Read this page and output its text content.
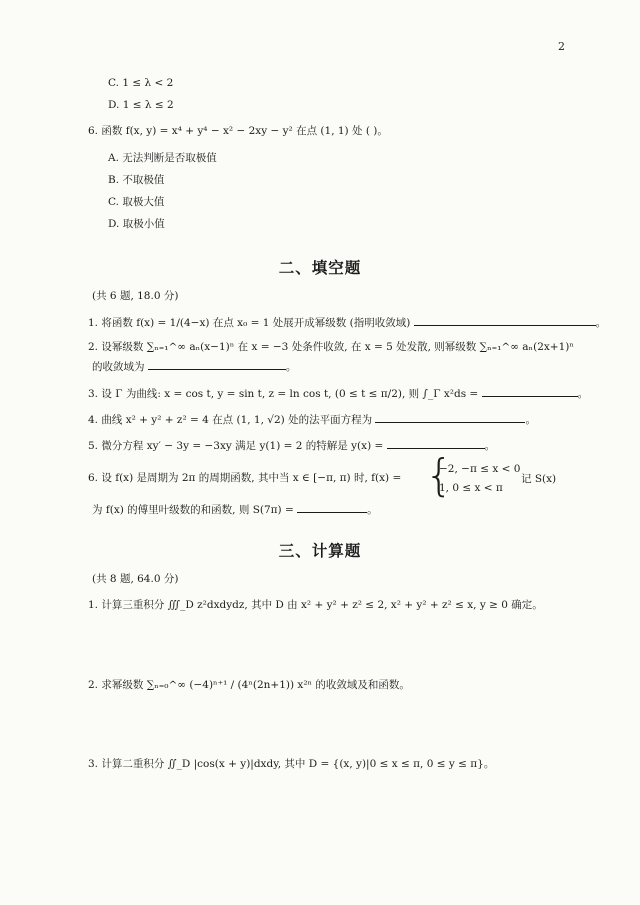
2
C. 1 ≤ λ < 2
D. 1 ≤ λ ≤ 2
6. 函数 f(x, y) = x⁴ + y⁴ − x² − 2xy − y² 在点 (1, 1) 处 ( )。
A. 无法判断是否取极值
B. 不取极值
C. 取极大值
D. 取极小值
二、填空题
(共 6 题, 18.0 分)
1. 将函数 f(x) = 1/(4−x) 在点 x₀ = 1 处展开成幂级数 (指明收敛域)	。
2. 设幂级数 ∑ₙ₌₁^∞ aₙ(x−1)ⁿ 在 x = −3 处条件收敛, 在 x = 5 处发散, 则幂级数 ∑ₙ₌₁^∞ aₙ(2x+1)ⁿ
的收敛域为	。
3. 设 Γ 为曲线: x = cos t, y = sin t, z = ln cos t, (0 ≤ t ≤ π/2), 则 ∫_Γ x²ds =	。
4. 曲线 x² + y² + z² = 4 在点 (1, 1, √2) 处的法平面方程为	。
5. 微分方程 xy′ − 3y = −3xy 满足 y(1) = 2 的特解是 y(x) =	。
6. 设 f(x) 是周期为 2π 的周期函数, 其中当 x ∈ [−π, π) 时, f(x) = {
−2, −π ≤ x < 0
1, 0 ≤ x < π
记 S(x)
为 f(x) 的傅里叶级数的和函数, 则 S(7π) =	。
三、计算题
(共 8 题, 64.0 分)
1. 计算三重积分 ∭_D z²dxdydz, 其中 D 由 x² + y² + z² ≤ 2, x² + y² + z² ≤ x, y ≥ 0 确定。
2. 求幂级数 ∑ₙ₌₀^∞ (−4)ⁿ⁺¹ / (4ⁿ(2n+1)) x²ⁿ 的收敛域及和函数。
3. 计算二重积分 ∬_D |cos(x + y)|dxdy, 其中 D = {(x, y)|0 ≤ x ≤ π, 0 ≤ y ≤ π}。
